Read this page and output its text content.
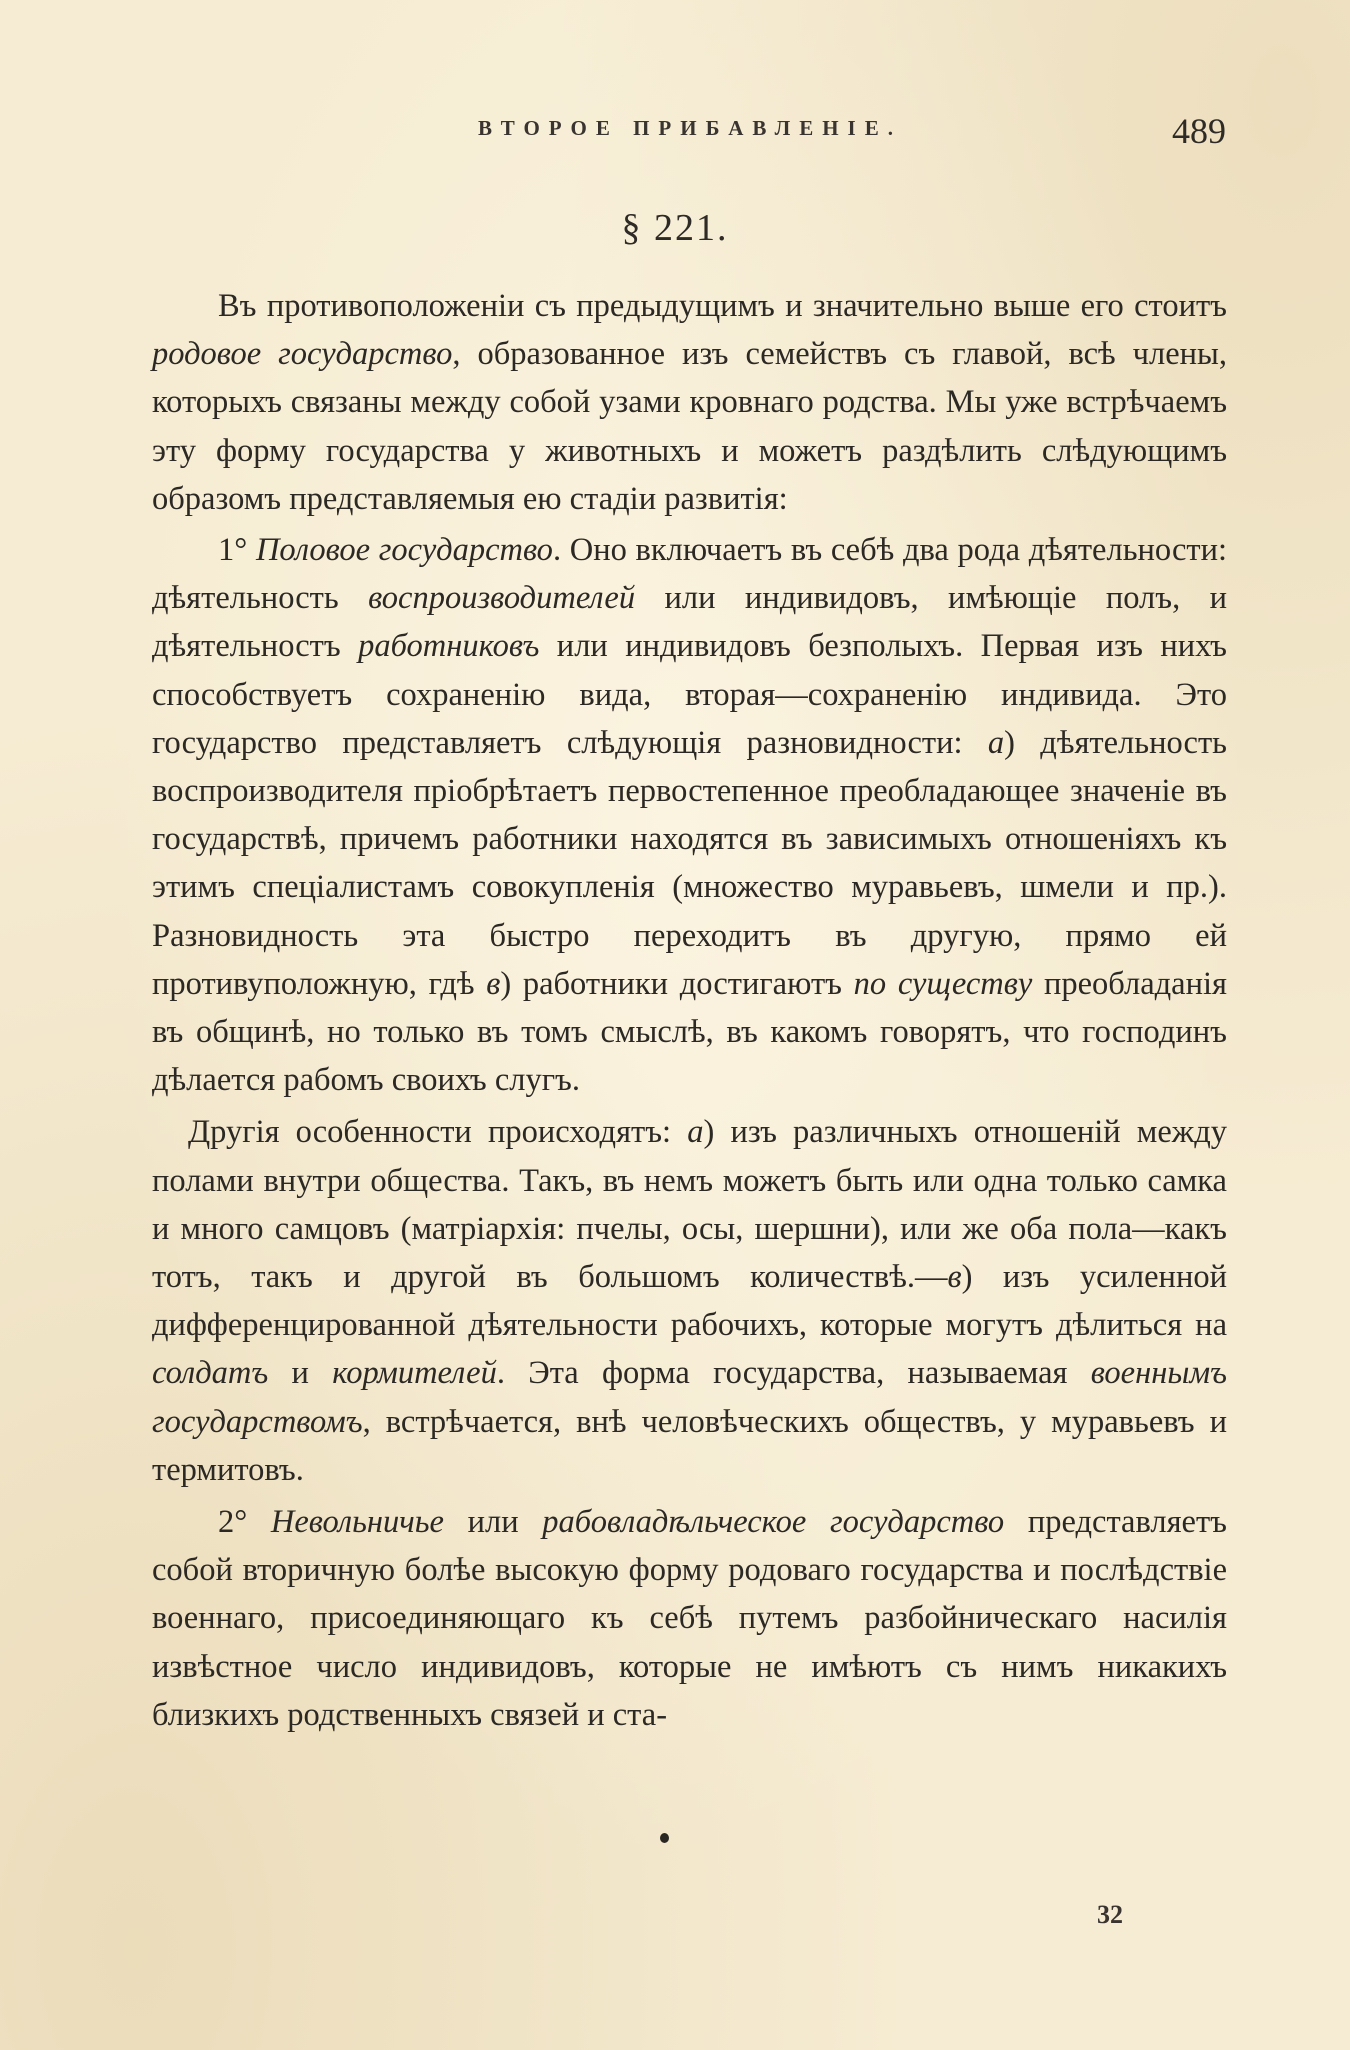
ВТОРОЕ ПРИБАВЛЕНІЕ.	489
§ 221.

Въ противоположеніи съ предыдущимъ и значительно выше его стоитъ родовое государство, образованное изъ семействъ съ главой, всѣ члены, которыхъ связаны между собой узами кровнаго родства. Мы уже встрѣчаемъ эту форму государства у животныхъ и можетъ раздѣлить слѣдующимъ образомъ представляемыя ею стадіи развитія:

1° Половое государство. Оно включаетъ въ себѣ два рода дѣятельности: дѣятельность воспроизводителей или индивидовъ, имѣющіе полъ, и дѣятельностъ работниковъ или индивидовъ безполыхъ. Первая изъ нихъ способствуетъ сохраненію вида, вторая—сохраненію индивида. Это государство представляетъ слѣдующія разновидности: а) дѣятельность воспроизводителя пріобрѣтаетъ первостепенное преобладающее значеніе въ государствѣ, причемъ работники находятся въ зависимыхъ отношеніяхъ къ этимъ спеціалистамъ совокупленія (множество муравьевъ, шмели и пр.). Разновидность эта быстро переходитъ въ другую, прямо ей противуположную, гдѣ в) работники достигаютъ по существу преобладанія въ общинѣ, но только въ томъ смыслѣ, въ какомъ говорятъ, что господинъ дѣлается рабомъ своихъ слугъ.

Другія особенности происходятъ: а) изъ различныхъ отношеній между полами внутри общества. Такъ, въ немъ можетъ быть или одна только самка и много самцовъ (матріархія: пчелы, осы, шершни), или же оба пола—какъ тотъ, такъ и другой въ большомъ количествѣ.—в) изъ усиленной дифференцированной дѣятельности рабочихъ, которые могутъ дѣлиться на солдатъ и кормителей. Эта форма государства, называемая военнымъ государствомъ, встрѣчается, внѣ человѣческихъ обществъ, у муравьевъ и термитовъ.

2° Невольничье или рабовладѣльческое государство представляетъ собой вторичную болѣе высокую форму родоваго государства и послѣдствіе военнаго, присоединяющаго къ себѣ путемъ разбойническаго насилія извѣстное число индивидовъ, которые не имѣютъ съ нимъ никакихъ близкихъ родственныхъ связей и ста-

32
